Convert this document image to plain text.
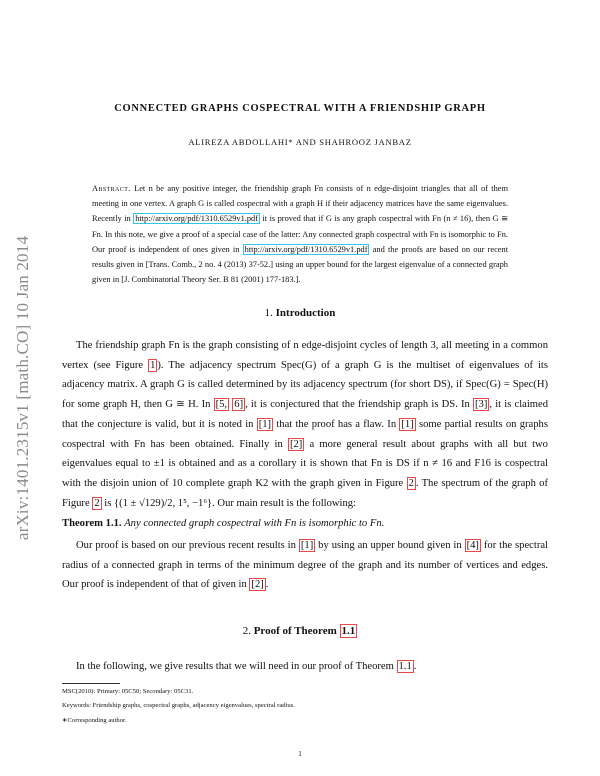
arXiv:1401.2315v1 [math.CO] 10 Jan 2014
CONNECTED GRAPHS COSPECTRAL WITH A FRIENDSHIP GRAPH
ALIREZA ABDOLLAHI* AND SHAHROOZ JANBAZ
Abstract. Let n be any positive integer, the friendship graph Fn consists of n edge-disjoint triangles that all of them meeting in one vertex. A graph G is called cospectral with a graph H if their adjacency matrices have the same eigenvalues. Recently in http://arxiv.org/pdf/1310.6529v1.pdf it is proved that if G is any graph cospectral with Fn (n ≠ 16), then G ≅ Fn. In this note, we give a proof of a special case of the latter: Any connected graph cospectral with Fn is isomorphic to Fn. Our proof is independent of ones given in http://arxiv.org/pdf/1310.6529v1.pdf and the proofs are based on our recent results given in [Trans. Comb., 2 no. 4 (2013) 37-52.] using an upper bound for the largest eigenvalue of a connected graph given in [J. Combinatorial Theory Ser. B 81 (2001) 177-183.].
1. Introduction

The friendship graph Fn is the graph consisting of n edge-disjoint cycles of length 3, all meeting in a common vertex (see Figure 1 ). The adjacency spectrum Spec(G) of a graph G is the multiset of eigenvalues of its adjacency matrix. A graph G is called determined by its adjacency spectrum (for short DS), if Spec(G) = Spec(H) for some graph H, then G ≅ H. In [5, 6] , it is conjectured that the friendship graph is DS. In [3] , it is claimed that the conjecture is valid, but it is noted in [1] that the proof has a flaw. In [1] some partial results on graphs cospectral with Fn has been obtained. Finally in [2] a more general result about graphs with all but two eigenvalues equal to ±1 is obtained and as a corollary it is shown that Fn is DS if n ≠ 16 and F16 is cospectral with the disjoin union of 10 complete graph K2 with the graph given in Figure 2 . The spectrum of the graph of Figure 2 is {(1 ± √129)/2, 1⁵, −1⁶}. Our main result is the following:

Theorem 1.1. Any connected graph cospectral with Fn is isomorphic to Fn.

Our proof is based on our previous recent results in [1] by using an upper bound given in [4] for the spectral radius of a connected graph in terms of the minimum degree of the graph and its number of vertices and edges. Our proof is independent of that of given in [2] .

2. Proof of Theorem 1.1

In the following, we give results that we will need in our proof of Theorem 1.1 .

MSC(2010): Primary: 05C50; Secondary: 05C31.
Keywords: Friendship graphs, cospectral graphs, adjacency eigenvalues, spectral radius.
∗Corresponding author.
1
